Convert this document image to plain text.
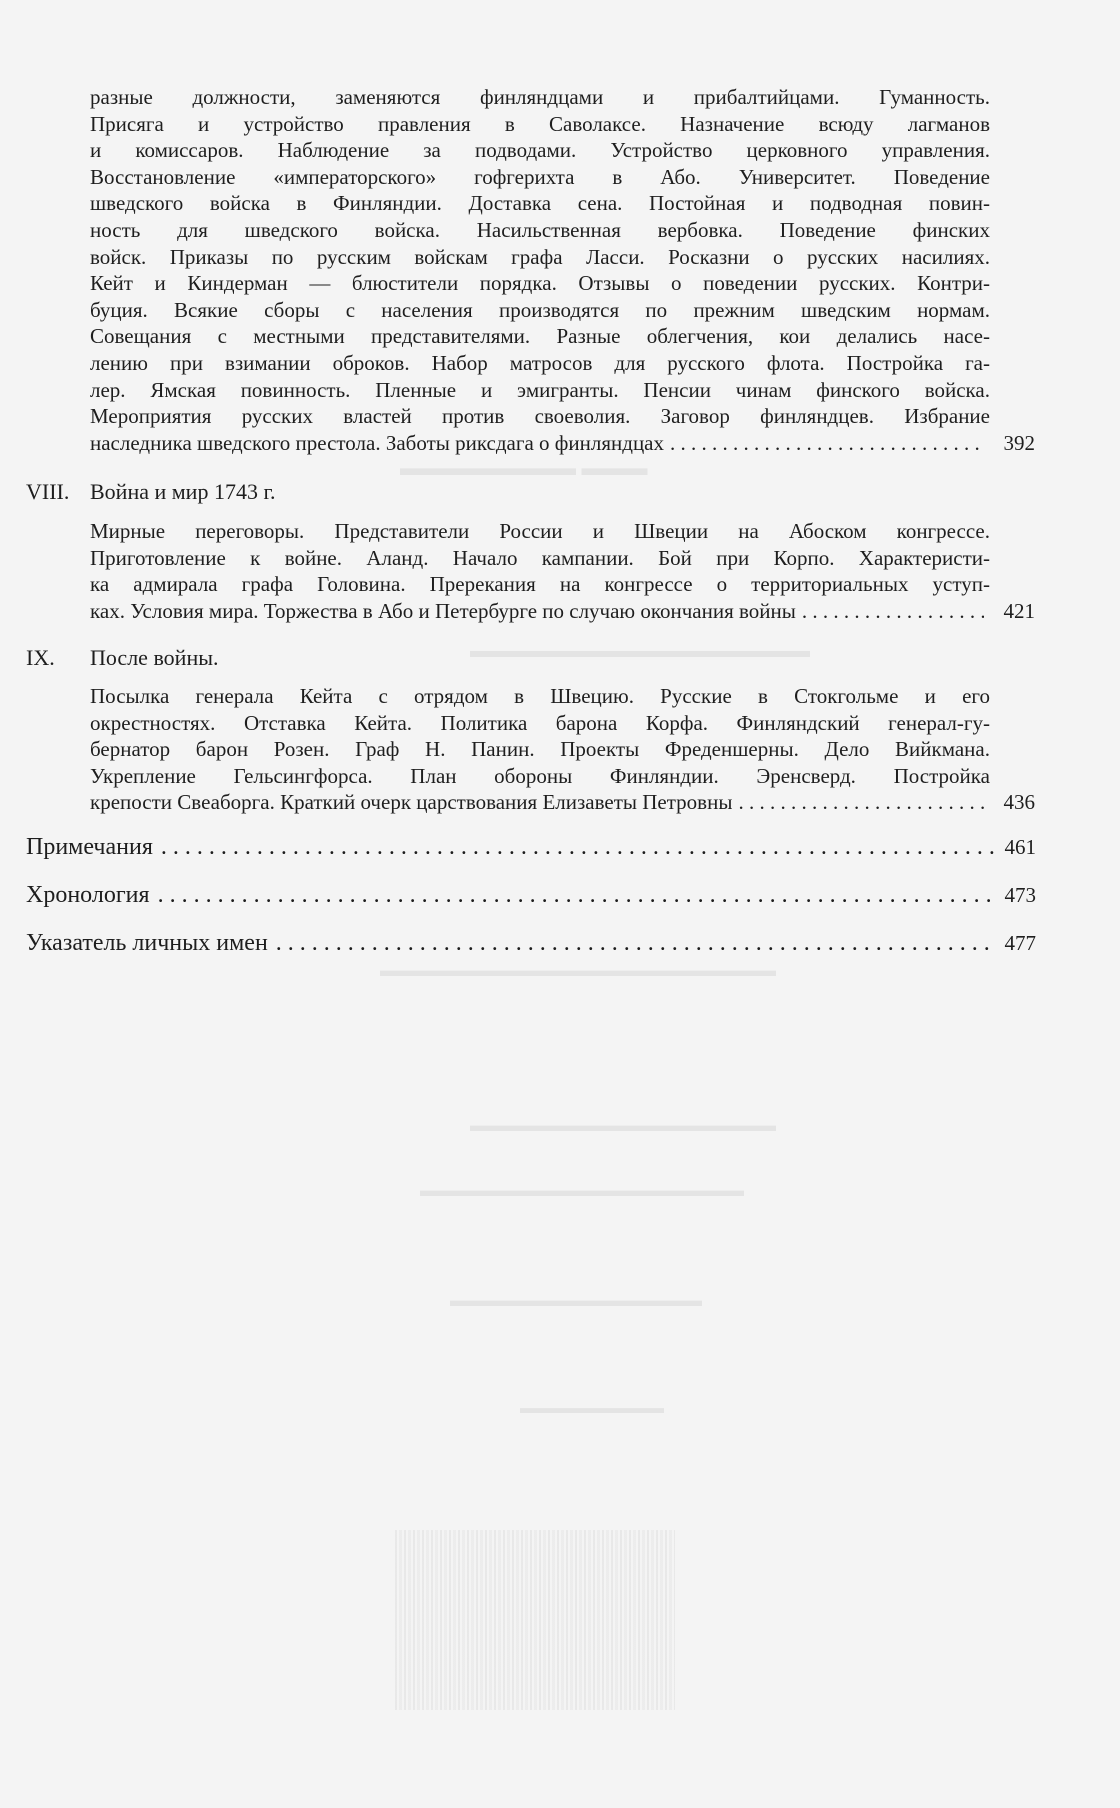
▬▬▬ ▬▬▬▬▬▬▬▬
▬▬▬▬▬▬▬▬▬▬▬▬▬▬▬▬▬
▬▬▬▬▬▬▬▬▬▬▬▬▬▬▬▬▬▬▬▬▬▬
▬▬▬▬▬▬▬▬▬▬▬▬▬▬▬▬▬
▬▬▬▬▬▬▬▬▬▬▬▬▬▬▬▬▬▬
▬▬▬▬▬▬▬▬▬▬▬▬▬▬
▬▬▬▬▬▬▬▬▬
разные должности, заменяются финляндцами и прибалтийцами. Гуманность.
Присяга и устройство правления в Саволаксе. Назначение всюду лагманов
и комиссаров. Наблюдение за подводами. Устройство церковного управления.
Восстановление «императорского» гофгерихта в Або. Университет. Поведение
шведского войска в Финляндии. Доставка сена. Постойная и подводная повин-
ность для шведского войска. Насильственная вербовка. Поведение финских
войск. Приказы по русским войскам графа Ласси. Росказни о русских насилиях.
Кейт и Киндерман — блюстители порядка. Отзывы о поведении русских. Контри-
буция. Всякие сборы с населения производятся по прежним шведским нормам.
Совещания с местными представителями. Разные облегчения, кои делались насе-
лению при взимании оброков. Набор матросов для русского флота. Постройка га-
лер. Ямская повинность. Пленные и эмигранты. Пенсии чинам финского войска.
Мероприятия русских властей против своеволия. Заговор финляндцев. Избрание
наследника шведского престола. Заботы риксдага о финляндцах . . .	392
VIII. Война и мир 1743 г.
Мирные переговоры. Представители России и Швеции на Абоском конгрессе.
Приготовление к войне. Аланд. Начало кампании. Бой при Корпо. Характеристи-
ка адмирала графа Головина. Пререкания на конгрессе о территориальных уступ-
ках. Условия мира. Торжества в Або и Петербурге по случаю окончания войны . . .	421
IX. После войны.
Посылка генерала Кейта с отрядом в Швецию. Русские в Стокгольме и его
окрестностях. Отставка Кейта. Политика барона Корфа. Финляндский генерал-гу-
бернатор барон Розен. Граф Н. Панин. Проекты Фреденшерны. Дело Вийкмана.
Укрепление Гельсингфорса. План обороны Финляндии. Эренсверд. Постройка
крепости Свеаборга. Краткий очерк царствования Елизаветы Петровны . . .	436
Примечания . . .	461
Хронология . . .	473
Указатель личных имен . . .	477
